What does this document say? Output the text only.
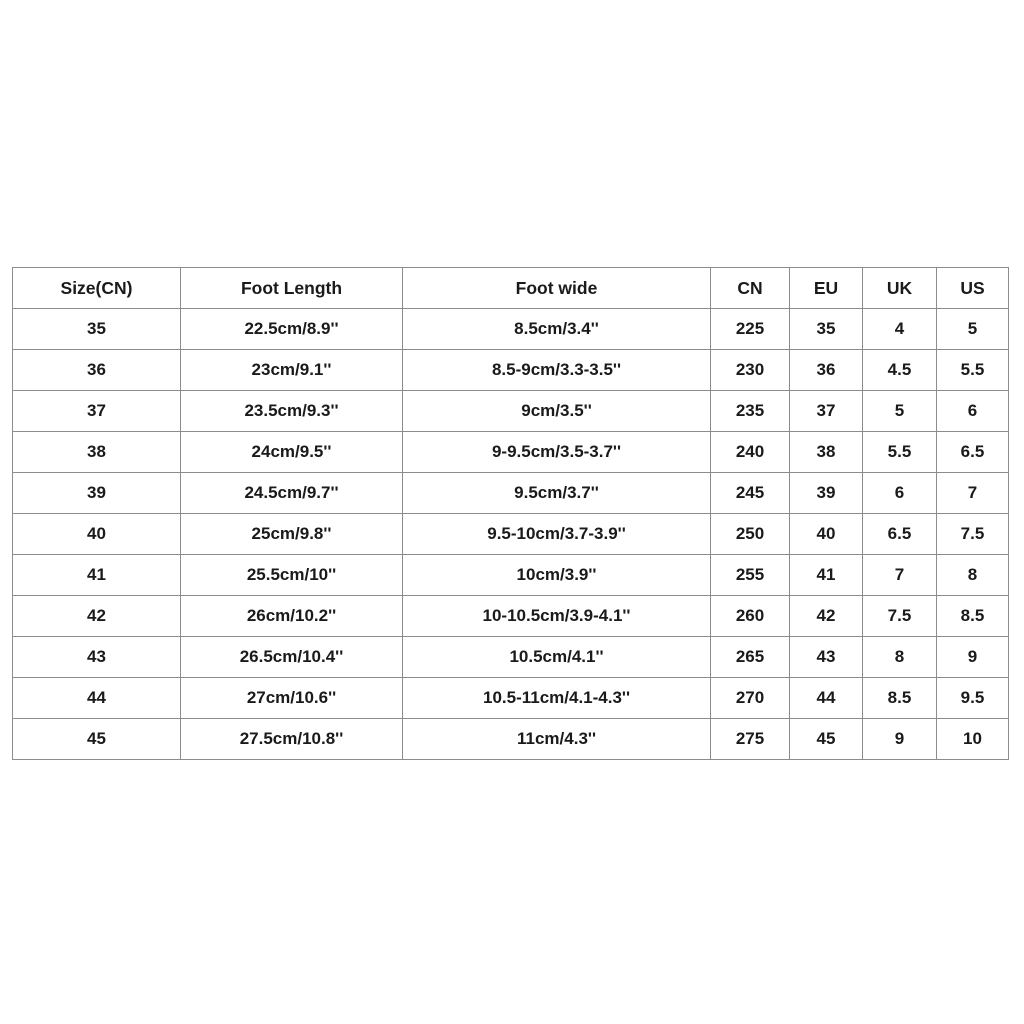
Size(CN)	Foot Length	Foot wide	CN	EU	UK	US
35	22.5cm/8.9''	8.5cm/3.4''	225	35	4	5
36	23cm/9.1''	8.5-9cm/3.3-3.5''	230	36	4.5	5.5
37	23.5cm/9.3''	9cm/3.5''	235	37	5	6
38	24cm/9.5''	9-9.5cm/3.5-3.7''	240	38	5.5	6.5
39	24.5cm/9.7''	9.5cm/3.7''	245	39	6	7
40	25cm/9.8''	9.5-10cm/3.7-3.9''	250	40	6.5	7.5
41	25.5cm/10''	10cm/3.9''	255	41	7	8
42	26cm/10.2''	10-10.5cm/3.9-4.1''	260	42	7.5	8.5
43	26.5cm/10.4''	10.5cm/4.1''	265	43	8	9
44	27cm/10.6''	10.5-11cm/4.1-4.3''	270	44	8.5	9.5
45	27.5cm/10.8''	11cm/4.3''	275	45	9	10
